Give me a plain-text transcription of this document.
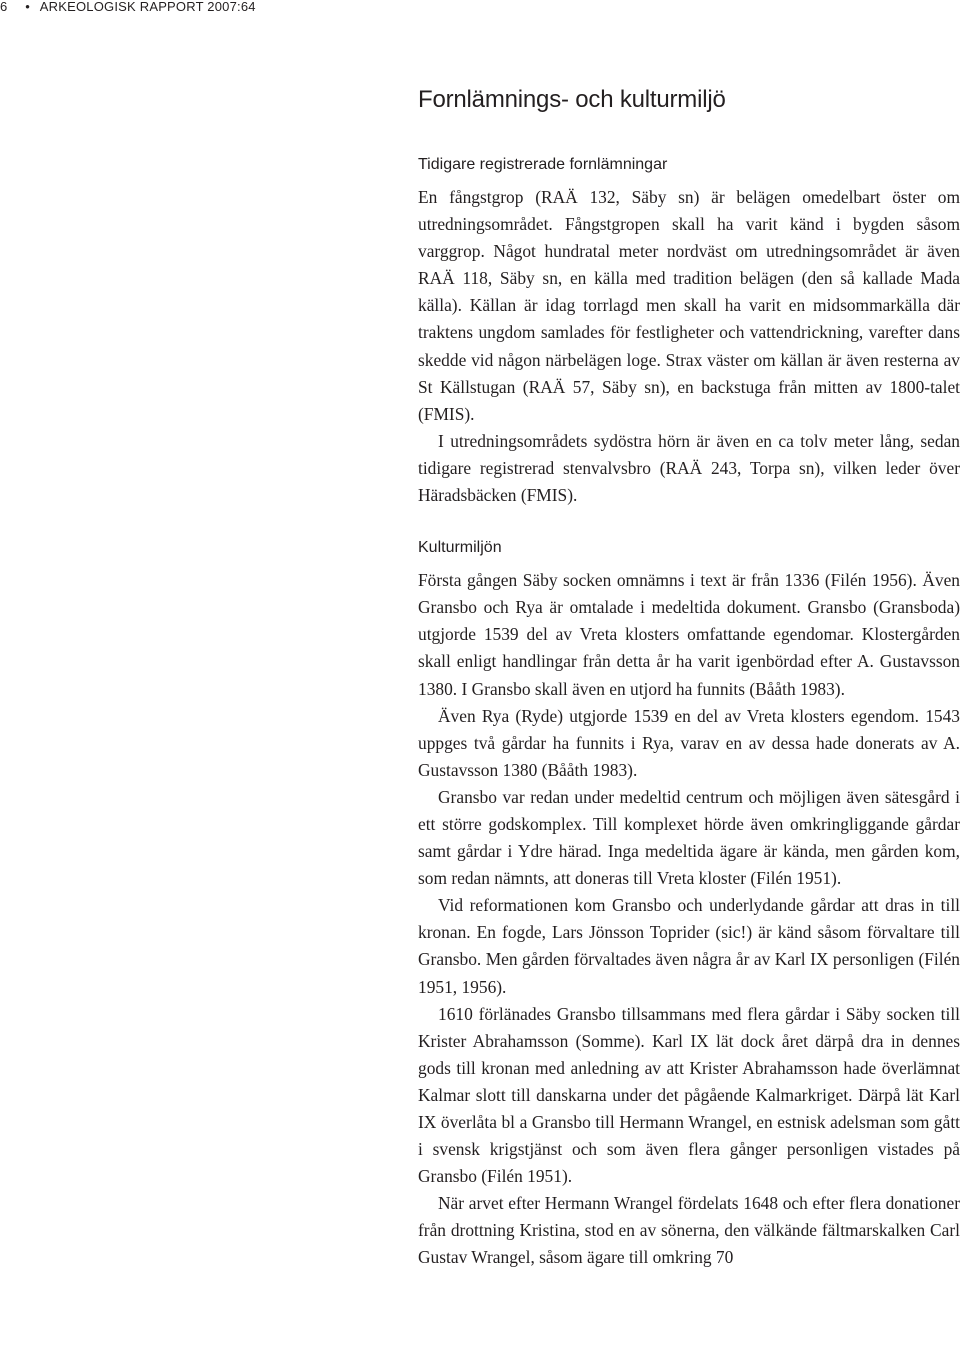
6 • ARKEOLOGISK RAPPORT 2007:64
Fornlämnings- och kulturmiljö
Tidigare registrerade fornlämningar

En fångstgrop (RAÄ 132, Säby sn) är belägen omedelbart öster om utredningsområdet. Fångstgropen skall ha varit känd i bygden såsom varggrop. Något hundratal meter nordväst om utredningsområdet är även RAÄ 118, Säby sn, en källa med tradition belägen (den så kallade Mada källa). Källan är idag torrlagd men skall ha varit en midsommarkälla där traktens ungdom samlades för festligheter och vattendrickning, varefter dans skedde vid någon närbelägen loge. Strax väster om källan är även resterna av St Källstugan (RAÄ 57, Säby sn), en backstuga från mitten av 1800-talet (FMIS).

I utredningsområdets sydöstra hörn är även en ca tolv meter lång, sedan tidigare registrerad stenvalvsbro (RAÄ 243, Torpa sn), vilken leder över Häradsbäcken (FMIS).

Kulturmiljön

Första gången Säby socken omnämns i text är från 1336 (Filén 1956). Även Gransbo och Rya är omtalade i medeltida dokument. Gransbo (Gransboda) utgjorde 1539 del av Vreta klosters omfattande egendomar. Klostergården skall enligt handlingar från detta år ha varit igenbördad efter A. Gustavsson 1380. I Gransbo skall även en utjord ha funnits (Bååth 1983).

Även Rya (Ryde) utgjorde 1539 en del av Vreta klosters egendom. 1543 uppges två gårdar ha funnits i Rya, varav en av dessa hade donerats av A. Gustavsson 1380 (Bååth 1983).

Gransbo var redan under medeltid centrum och möjligen även sätesgård i ett större godskomplex. Till komplexet hörde även omkringliggande gårdar samt gårdar i Ydre härad. Inga medeltida ägare är kända, men gården kom, som redan nämnts, att doneras till Vreta kloster (Filén 1951).

Vid reformationen kom Gransbo och underlydande gårdar att dras in till kronan. En fogde, Lars Jönsson Toprider (sic!) är känd såsom förvaltare till Gransbo. Men gården förvaltades även några år av Karl IX personligen (Filén 1951, 1956).

1610 förlänades Gransbo tillsammans med flera gårdar i Säby socken till Krister Abrahamsson (Somme). Karl IX lät dock året därpå dra in dennes gods till kronan med anledning av att Krister Abrahamsson hade överlämnat Kalmar slott till danskarna under det pågående Kalmarkriget. Därpå lät Karl IX överlåta bl a Gransbo till Hermann Wrangel, en estnisk adelsman som gått i svensk krigstjänst och som även flera gånger personligen vistades på Gransbo (Filén 1951).

När arvet efter Hermann Wrangel fördelats 1648 och efter flera donationer från drottning Kristina, stod en av sönerna, den välkände fältmarskalken Carl Gustav Wrangel, såsom ägare till omkring 70
